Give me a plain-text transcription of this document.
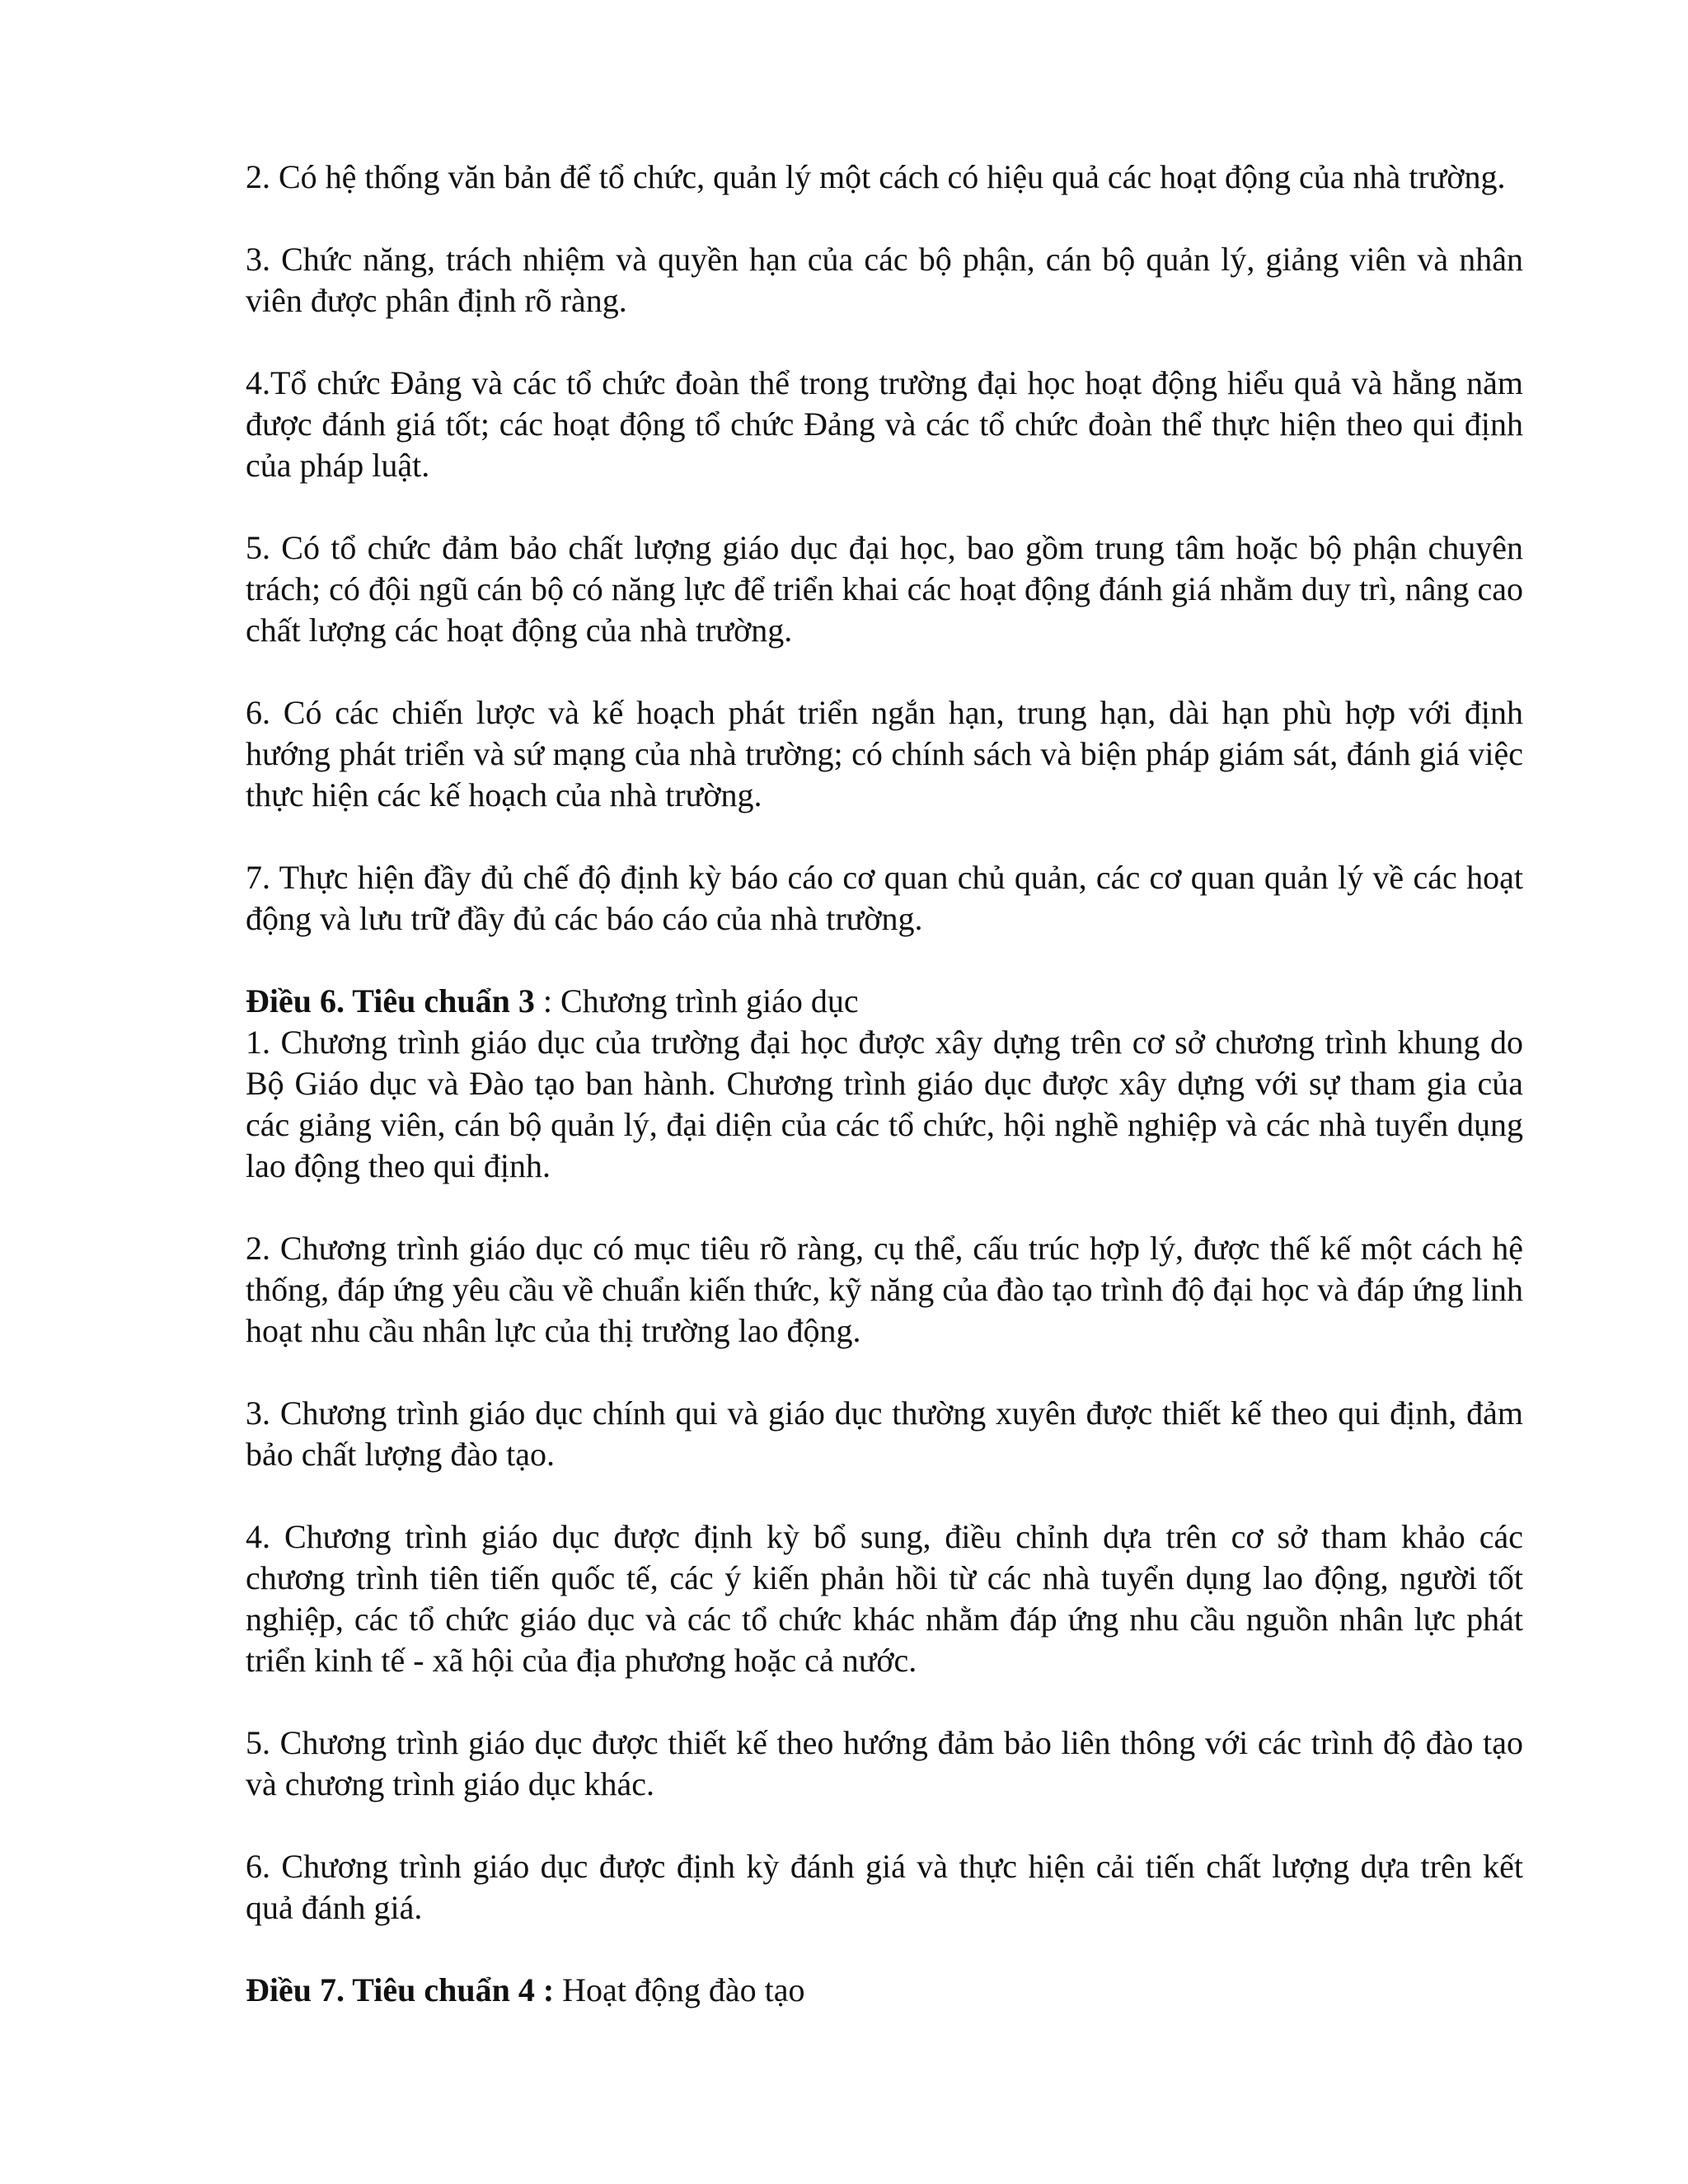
2. Có hệ thống văn bản để tổ chức, quản lý một cách có hiệu quả các hoạt động của nhà trường.

3. Chức năng, trách nhiệm và quyền hạn của các bộ phận, cán bộ quản lý, giảng viên và nhân viên được phân định rõ ràng.

4.Tổ chức Đảng và các tổ chức đoàn thể trong trường đại học hoạt động hiểu quả và hằng năm được đánh giá tốt; các hoạt động tổ chức Đảng và các tổ chức đoàn thể thực hiện theo qui định của pháp luật.

5. Có tổ chức đảm bảo chất lượng giáo dục đại học, bao gồm trung tâm hoặc bộ phận chuyên trách; có đội ngũ cán bộ có năng lực để triển khai các hoạt động đánh giá nhằm duy trì, nâng cao chất lượng các hoạt động của nhà trường.

6. Có các chiến lược và kế hoạch phát triển ngắn hạn, trung hạn, dài hạn phù hợp với định hướng phát triển và sứ mạng của nhà trường; có chính sách và biện pháp giám sát, đánh giá việc thực hiện các kế hoạch của nhà trường.

7. Thực hiện đầy đủ chế độ định kỳ báo cáo cơ quan chủ quản, các cơ quan quản lý về các hoạt động và lưu trữ đầy đủ các báo cáo của nhà trường.

Điều 6. Tiêu chuẩn 3 : Chương trình giáo dục

1. Chương trình giáo dục của trường đại học được xây dựng trên cơ sở chương trình khung do Bộ Giáo dục và Đào tạo ban hành. Chương trình giáo dục được xây dựng với sự tham gia của các giảng viên, cán bộ quản lý, đại diện của các tổ chức, hội nghề nghiệp và các nhà tuyển dụng lao động theo qui định.

2. Chương trình giáo dục có mục tiêu rõ ràng, cụ thể, cấu trúc hợp lý, được thế kế một cách hệ thống, đáp ứng yêu cầu về chuẩn kiến thức, kỹ năng của đào tạo trình độ đại học và đáp ứng linh hoạt nhu cầu nhân lực của thị trường lao động.

3. Chương trình giáo dục chính qui và giáo dục thường xuyên được thiết kế theo qui định, đảm bảo chất lượng đào tạo.

4. Chương trình giáo dục được định kỳ bổ sung, điều chỉnh dựa trên cơ sở tham khảo các chương trình tiên tiến quốc tế, các ý kiến phản hồi từ các nhà tuyển dụng lao động, người tốt nghiệp, các tổ chức giáo dục và các tổ chức khác nhằm đáp ứng nhu cầu nguồn nhân lực phát triển kinh tế - xã hội của địa phương hoặc cả nước.

5. Chương trình giáo dục được thiết kế theo hướng đảm bảo liên thông với các trình độ đào tạo và chương trình giáo dục khác.

6. Chương trình giáo dục được định kỳ đánh giá và thực hiện cải tiến chất lượng dựa trên kết quả đánh giá.

Điều 7. Tiêu chuẩn 4 : Hoạt động đào tạo
